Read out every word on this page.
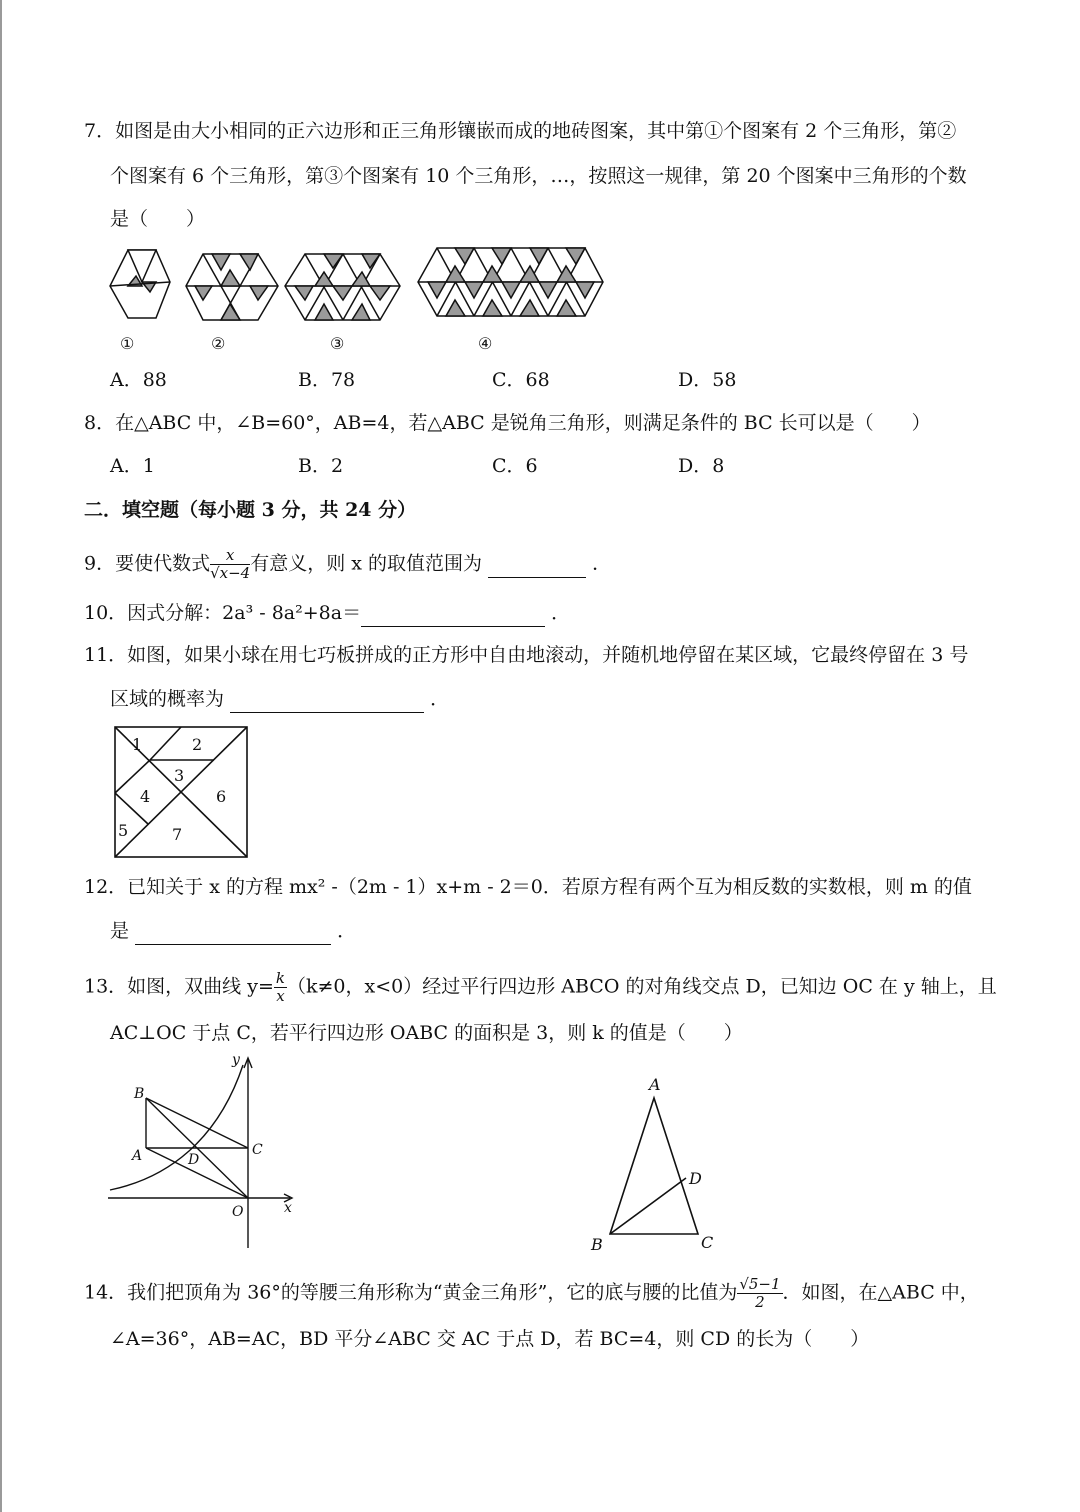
7．如图是由大小相同的正六边形和正三角形镶嵌而成的地砖图案，其中第①个图案有 2 个三角形，第②
个图案有 6 个三角形，第③个图案有 10 个三角形，…，按照这一规律，第 20 个图案中三角形的个数
是（　　）
①	②	③	④
A．88	B．78	C．68	D．58
8．在△ABC 中，∠B=60°，AB=4，若△ABC 是锐角三角形，则满足条件的 BC 长可以是（　　）
A．1	B．2	C．6	D．8
二．填空题（每小题 3 分，共 24 分）
9．要使代数式 $\frac{x}{√x-4}$ 有意义，则 x 的取值范围为	．
10．因式分解：2a³ - 8a²+8a＝	．
11．如图，如果小球在用七巧板拼成的正方形中自由地滚动，并随机地停留在某区域，它最终停留在 3 号
区域的概率为	．
1	2
3
4
5
6
7
12．已知关于 x 的方程 mx² -（2m - 1）x+m - 2＝0．若原方程有两个互为相反数的实数根，则 m 的值
是	．
13．如图，双曲线 $y= \frac{k}{x} (k\ne 0$，x<0）经过平行四边形 ABCO 的对角线交点 D，已知边 OC 在 y 轴上，且
AC⊥OC 于点 C，若平行四边形 OABC 的面积是 3，则 k 的值是（　　）
y
x
B
A	D
C
O
A
B	C
D
14．我们把顶角为 36°的等腰三角形称为“黄金三角形”，它的底与腰的比值为 $\frac{√5-1}{2}$ ．如图，在△ABC 中，
∠A=36°，AB=AC，BD 平分∠ABC 交 AC 于点 D，若 BC=4，则 CD 的长为（　　）
